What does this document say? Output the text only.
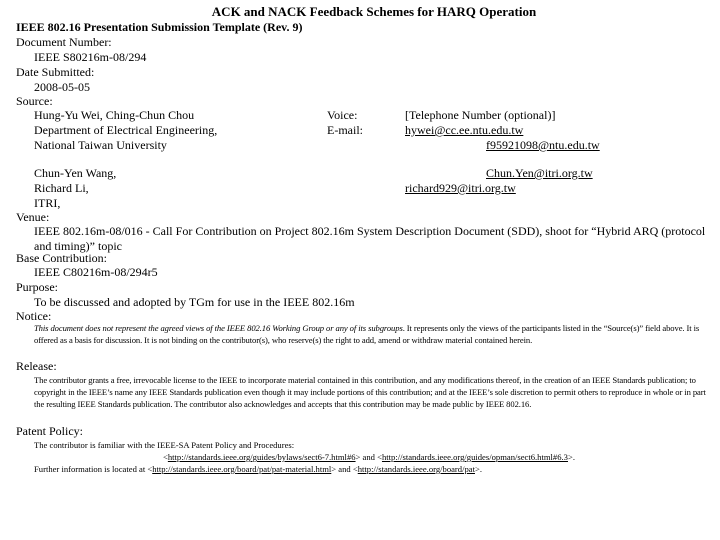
ACK and NACK Feedback Schemes for HARQ Operation
IEEE 802.16 Presentation Submission Template (Rev. 9)
Document Number:
IEEE S80216m-08/294
Date Submitted:
2008-05-05
Source:
Hung-Yu Wei, Ching-Chun Chou
Department of Electrical Engineering,
National Taiwan University
Voice:
E-mail:
[Telephone Number (optional)]
hywei@cc.ee.ntu.edu.tw
f95921098@ntu.edu.tw
Chun-Yen Wang,
Richard Li,
ITRI,
Chun.Yen@itri.org.tw
richard929@itri.org.tw
Venue:
IEEE 802.16m-08/016 - Call For Contribution on Project 802.16m System Description Document (SDD), shoot for “Hybrid ARQ (protocol and timing)” topic
Base Contribution:
IEEE C80216m-08/294r5
Purpose:
To be discussed and adopted by TGm for use in the IEEE 802.16m
Notice:
This document does not represent the agreed views of the IEEE 802.16 Working Group or any of its subgroups. It represents only the views of the participants listed in the “Source(s)” field above. It is offered as a basis for discussion. It is not binding on the contributor(s), who reserve(s) the right to add, amend or withdraw material contained herein.
Release:
The contributor grants a free, irrevocable license to the IEEE to incorporate material contained in this contribution, and any modifications thereof, in the creation of an IEEE Standards publication; to copyright in the IEEE’s name any IEEE Standards publication even though it may include portions of this contribution; and at the IEEE’s sole discretion to permit others to reproduce in whole or in part the resulting IEEE Standards publication. The contributor also acknowledges and accepts that this contribution may be made public by IEEE 802.16.
Patent Policy:
The contributor is familiar with the IEEE-SA Patent Policy and Procedures:
<http://standards.ieee.org/guides/bylaws/sect6-7.html#6> and <http://standards.ieee.org/guides/opman/sect6.html#6.3>.
Further information is located at <http://standards.ieee.org/board/pat/pat-material.html> and <http://standards.ieee.org/board/pat>.
